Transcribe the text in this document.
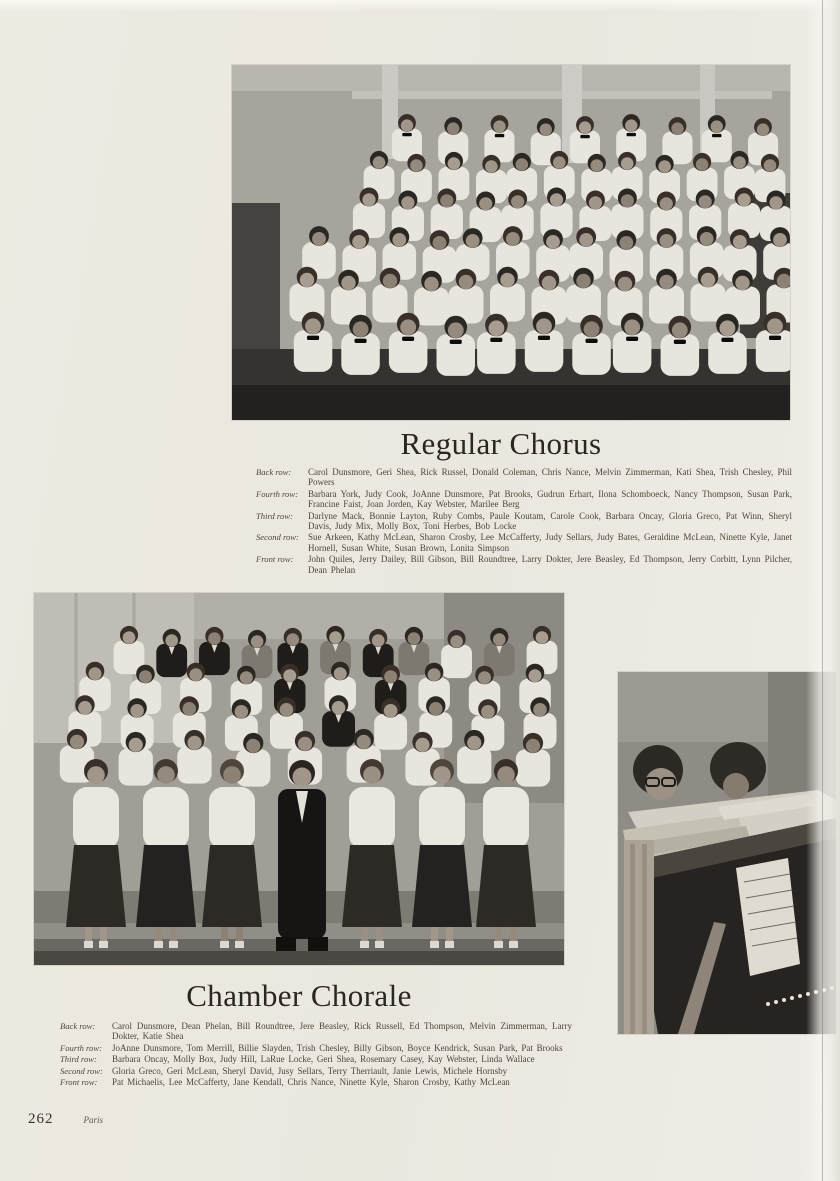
Regular Chorus
Back row:	Carol Dunsmore, Geri Shea, Rick Russel, Donald Coleman, Chris Nance, Melvin Zimmerman, Kati Shea, Trish Chesley, Phil Powers
Fourth row:	Barbara York, Judy Cook, JoAnne Dunsmore, Pat Brooks, Gudrun Erhart, Ilona Schomboeck, Nancy Thompson, Susan Park, Francine Faist, Joan Jorden, Kay Webster, Marilee Berg
Third row:	Darlyne Mack, Bonnie Layton, Ruby Combs, Paule Koutam, Carole Cook, Barbara Oncay, Gloria Greco, Pat Winn, Sheryl Davis, Judy Mix, Molly Box, Toni Herbes, Bob Locke
Second row:	Sue Arkeen, Kathy McLean, Sharon Crosby, Lee McCafferty, Judy Sellars, Judy Bates, Geraldine McLean, Ninette Kyle, Janet Hornell, Susan White, Susan Brown, Lonita Simpson
Front row:	John Quiles, Jerry Dailey, Bill Gibson, Bill Roundtree, Larry Dokter, Jere Beasley, Ed Thompson, Jerry Corbitt, Lynn Pilcher, Dean Phelan
Chamber Chorale
Back row:	Carol Dunsmore, Dean Phelan, Bill Roundtree, Jere Beasley, Rick Russell, Ed Thompson, Melvin Zimmerman, Larry Dokter, Katie Shea
Fourth row:	JoAnne Dunsmore, Tom Merrill, Billie Slayden, Trish Chesley, Billy Gibson, Boyce Kendrick, Susan Park, Pat Brooks
Third row:	Barbara Oncay, Molly Box, Judy Hill, LaRue Locke, Geri Shea, Rosemary Casey, Kay Webster, Linda Wallace
Second row:	Gloria Greco, Geri McLean, Sheryl David, Jusy Sellars, Terry Therriault, Janie Lewis, Michele Hornsby
Front row:	Pat Michaelis, Lee McCafferty, Jane Kendall, Chris Nance, Ninette Kyle, Sharon Crosby, Kathy McLean
262	Paris
